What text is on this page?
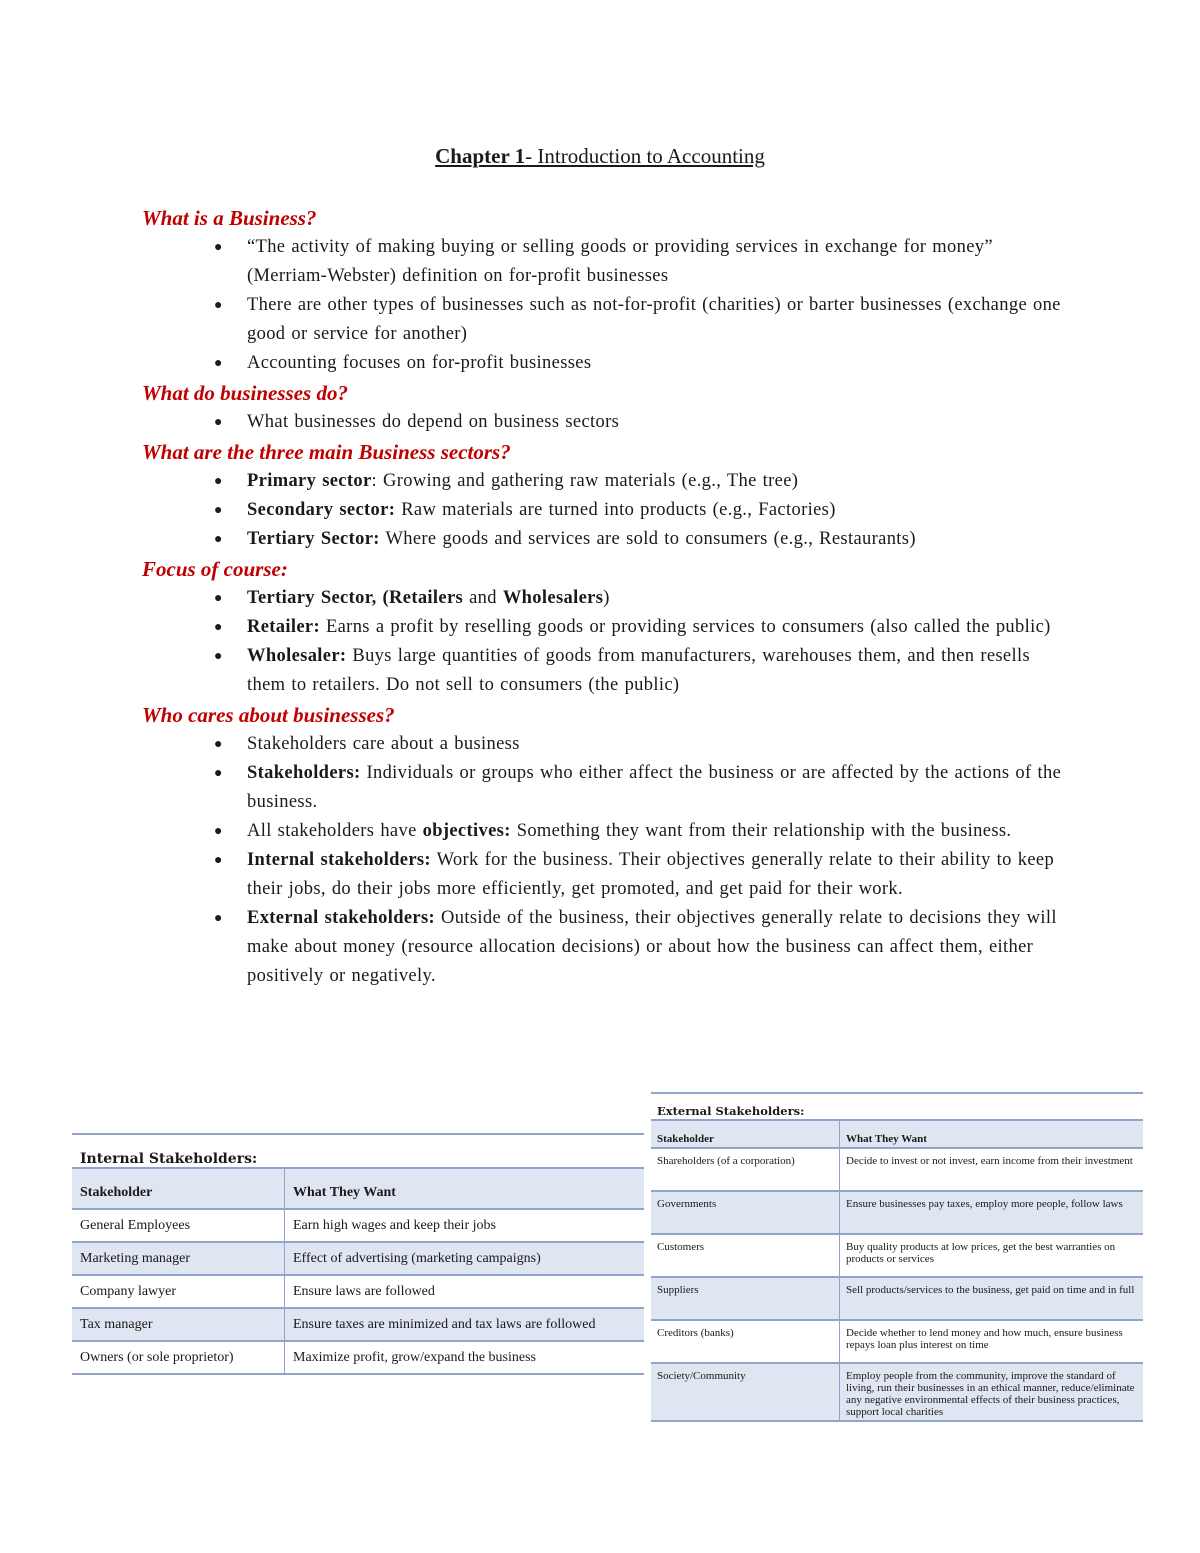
Chapter 1- Introduction to Accounting
What is a Business?
● “The activity of making buying or selling goods or providing services in exchange for money” (Merriam-Webster) definition on for-profit businesses
● There are other types of businesses such as not-for-profit (charities) or barter businesses (exchange one good or service for another)
● Accounting focuses on for-profit businesses
What do businesses do?
● What businesses do depend on business sectors
What are the three main Business sectors?
● Primary sector: Growing and gathering raw materials (e.g., The tree)
● Secondary sector: Raw materials are turned into products (e.g., Factories)
● Tertiary Sector: Where goods and services are sold to consumers (e.g., Restaurants)
Focus of course:
● Tertiary Sector, (Retailers and Wholesalers)
● Retailer: Earns a profit by reselling goods or providing services to consumers (also called the public)
● Wholesaler: Buys large quantities of goods from manufacturers, warehouses them, and then resells them to retailers. Do not sell to consumers (the public)
Who cares about businesses?
● Stakeholders care about a business
● Stakeholders: Individuals or groups who either affect the business or are affected by the actions of the business.
● All stakeholders have objectives: Something they want from their relationship with the business.
● Internal stakeholders: Work for the business. Their objectives generally relate to their ability to keep their jobs, do their jobs more efficiently, get promoted, and get paid for their work.
● External stakeholders: Outside of the business, their objectives generally relate to decisions they will make about money (resource allocation decisions) or about how the business can affect them, either positively or negatively.
Internal Stakeholders:
Stakeholder	What They Want
General Employees	Earn high wages and keep their jobs
Marketing manager	Effect of advertising (marketing campaigns)
Company lawyer	Ensure laws are followed
Tax manager	Ensure taxes are minimized and tax laws are followed
Owners (or sole proprietor)	Maximize profit, grow/expand the business
External Stakeholders:
Stakeholder	What They Want
Shareholders (of a corporation)	Decide to invest or not invest, earn income from their investment
Governments	Ensure businesses pay taxes, employ more people, follow laws
Customers	Buy quality products at low prices, get the best warranties on products or services
Suppliers	Sell products/services to the business, get paid on time and in full
Creditors (banks)	Decide whether to lend money and how much, ensure business repays loan plus interest on time
Society/Community	Employ people from the community, improve the standard of living, run their businesses in an ethical manner, reduce/eliminate any negative environmental effects of their business practices, support local charities
